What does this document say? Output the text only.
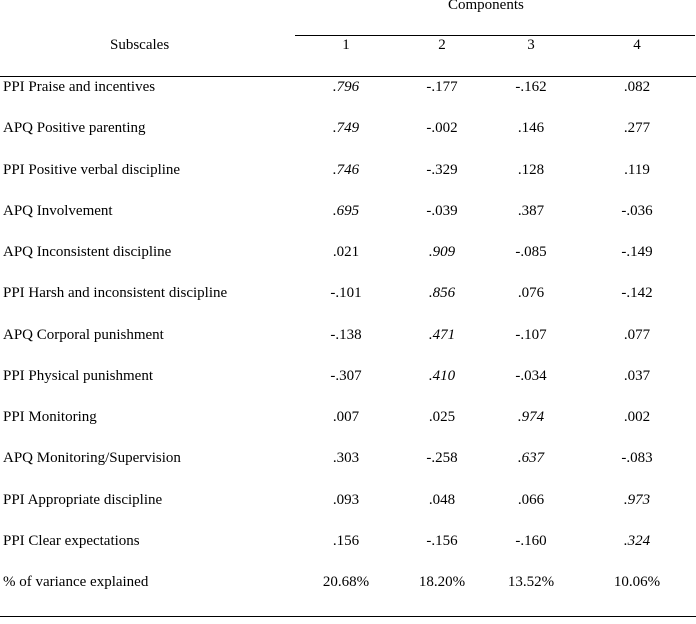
Components
Subscales	1	2	3	4
PPI Praise and incentives	.796	-.177	-.162	.082
APQ Positive parenting	.749	-.002	.146	.277
PPI Positive verbal discipline	.746	-.329	.128	.119
APQ Involvement	.695	-.039	.387	-.036
APQ Inconsistent discipline	.021	.909	-.085	-.149
PPI Harsh and inconsistent discipline	-.101	.856	.076	-.142
APQ Corporal punishment	-.138	.471	-.107	.077
PPI Physical punishment	-.307	.410	-.034	.037
PPI Monitoring	.007	.025	.974	.002
APQ Monitoring/Supervision	.303	-.258	.637	-.083
PPI Appropriate discipline	.093	.048	.066	.973
PPI Clear expectations	.156	-.156	-.160	.324
% of variance explained	20.68%	18.20%	13.52%	10.06%
